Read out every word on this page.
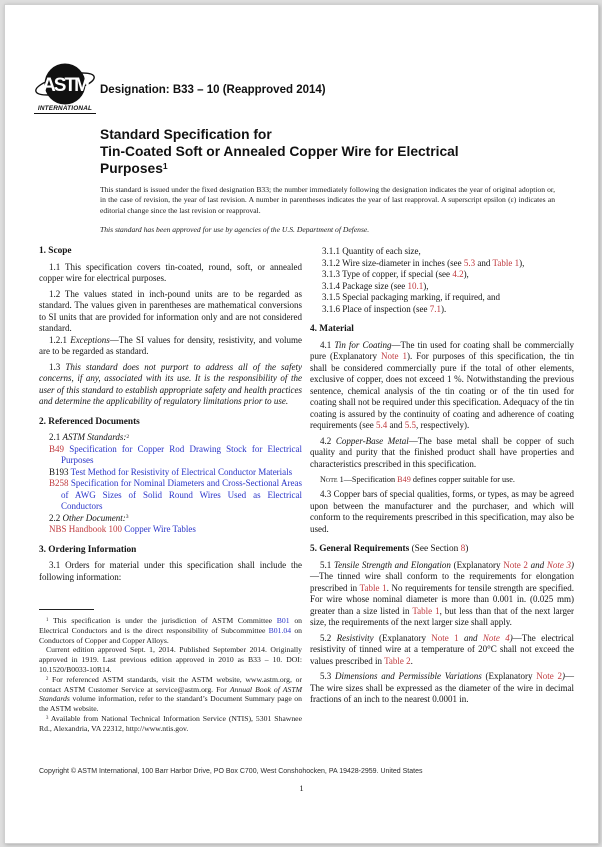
ASTM
INTERNATIONAL
Designation: B33 – 10 (Reapproved 2014)
Standard Specification for
Tin-Coated Soft or Annealed Copper Wire for Electrical
Purposes$^1$
This standard is issued under the fixed designation B33; the number immediately following the designation indicates the year of original adoption or, in the case of revision, the year of last revision. A number in parentheses indicates the year of last reapproval. A superscript epsilon (ε) indicates an editorial change since the last revision or reapproval.
This standard has been approved for use by agencies of the U.S. Department of Defense.
1. Scope
1.1 This specification covers tin-coated, round, soft, or annealed copper wire for electrical purposes.
1.2 The values stated in inch-pound units are to be regarded as standard. The values given in parentheses are mathematical conversions to SI units that are provided for information only and are not considered standard.
1.2.1 Exceptions—The SI values for density, resistivity, and volume are to be regarded as standard.
1.3 This standard does not purport to address all of the safety concerns, if any, associated with its use. It is the responsibility of the user of this standard to establish appropriate safety and health practices and determine the applicability of regulatory limitations prior to use.
2. Referenced Documents
2.1 ASTM Standards:$^2$
B49 Specification for Copper Rod Drawing Stock for Electrical Purposes
B193 Test Method for Resistivity of Electrical Conductor Materials
B258 Specification for Nominal Diameters and Cross-Sectional Areas of AWG Sizes of Solid Round Wires Used as Electrical Conductors
2.2 Other Document:$^3$
NBS Handbook 100 Copper Wire Tables
3. Ordering Information
3.1 Orders for material under this specification shall include the following information:
3.1.1 Quantity of each size,
3.1.2 Wire size-diameter in inches (see 5.3 and Table 1),
3.1.3 Type of copper, if special (see 4.2),
3.1.4 Package size (see 10.1),
3.1.5 Special packaging marking, if required, and
3.1.6 Place of inspection (see 7.1).
4. Material
4.1 Tin for Coating—The tin used for coating shall be commercially pure (Explanatory Note 1). For purposes of this specification, the tin shall be considered commercially pure if the total of other elements, exclusive of copper, does not exceed 1 %. Notwithstanding the previous sentence, chemical analysis of the tin coating or of the tin used for coating shall not be required under this specification. Adequacy of the tin coating is assured by the continuity of coating and adherence of coating requirements (see 5.4 and 5.5, respectively).
4.2 Copper-Base Metal—The base metal shall be copper of such quality and purity that the finished product shall have properties and characteristics prescribed in this specification.
Note 1—Specification B49 defines copper suitable for use.
4.3 Copper bars of special qualities, forms, or types, as may be agreed upon between the manufacturer and the purchaser, and which will conform to the requirements prescribed in this specification, may also be used.
5. General Requirements (See Section 8)
5.1 Tensile Strength and Elongation (Explanatory Note 2 and Note 3)—The tinned wire shall conform to the requirements for elongation prescribed in Table 1. No requirements for tensile strength are specified. For wire whose nominal diameter is more than 0.001 in. (0.025 mm) greater than a size listed in Table 1, but less than that of the next larger size, the requirements of the next larger size shall apply.
5.2 Resistivity (Explanatory Note 1 and Note 4)—The electrical resistivity of tinned wire at a temperature of 20°C shall not exceed the values prescribed in Table 2.
5.3 Dimensions and Permissible Variations (Explanatory Note 2)—The wire sizes shall be expressed as the diameter of the wire in decimal fractions of an inch to the nearest 0.0001 in.
$^1$ This specification is under the jurisdiction of ASTM Committee B01 on Electrical Conductors and is the direct responsibility of Subcommittee B01.04 on Conductors of Copper and Copper Alloys.
Current edition approved Sept. 1, 2014. Published September 2014. Originally approved in 1919. Last previous edition approved in 2010 as B33 – 10. DOI: 10.1520/B0033-10R14.
$^2$ For referenced ASTM standards, visit the ASTM website, www.astm.org, or contact ASTM Customer Service at service@astm.org. For Annual Book of ASTM Standards volume information, refer to the standard’s Document Summary page on the ASTM website.
$^3$ Available from National Technical Information Service (NTIS), 5301 Shawnee Rd., Alexandria, VA 22312, http://www.ntis.gov.
Copyright © ASTM International, 100 Barr Harbor Drive, PO Box C700, West Conshohocken, PA 19428-2959. United States
1
